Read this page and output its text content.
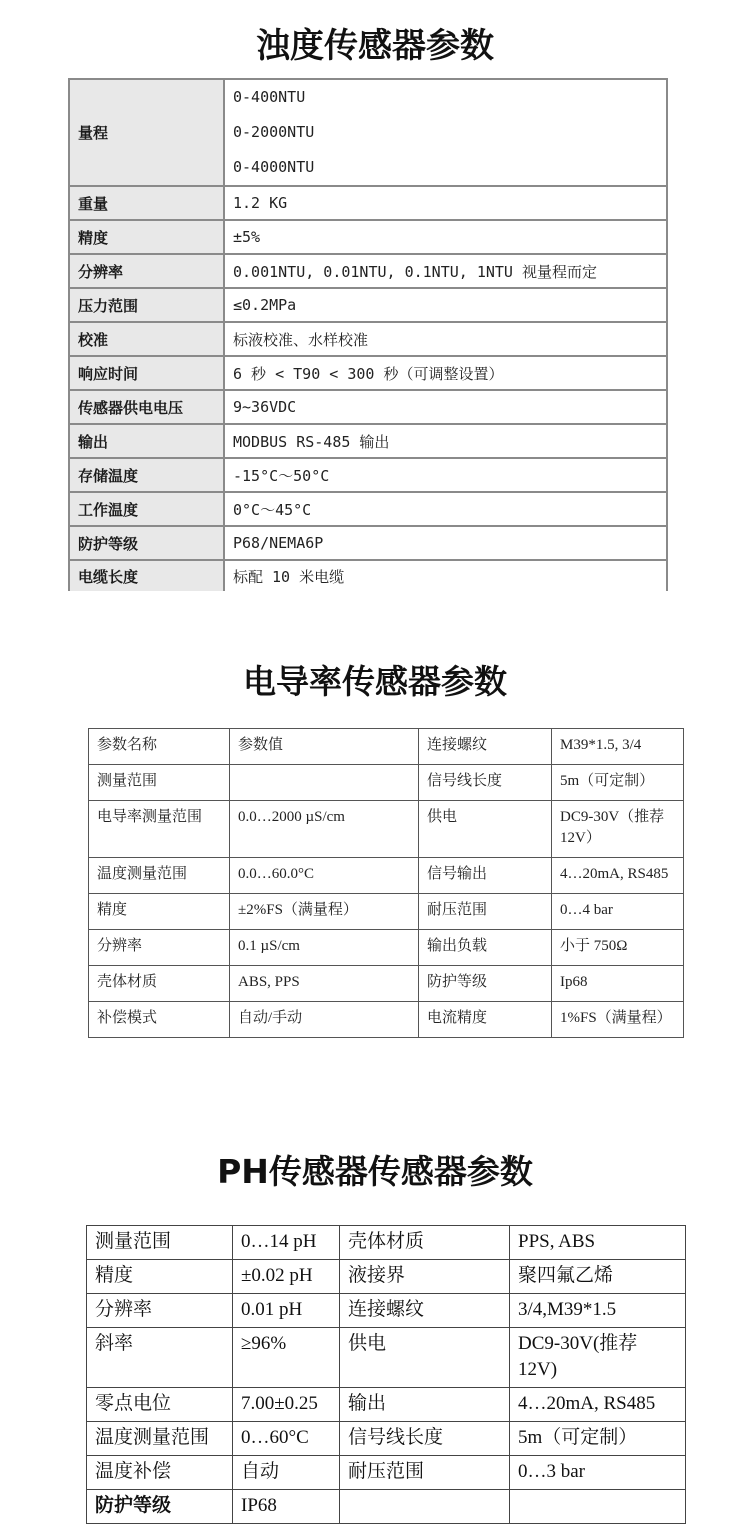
浊度传感器参数
量程	0-400NTU
0-2000NTU
0-4000NTU

重量	1.2 KG
精度	±5%
分辨率	0.001NTU, 0.01NTU, 0.1NTU, 1NTU 视量程而定
压力范围	≤0.2MPa
校准	标液校准、水样校准
响应时间	6 秒 < T90 < 300 秒（可调整设置）
传感器供电电压	9~36VDC
输出	MODBUS RS-485 输出
存储温度	-15°C～50°C
工作温度	0°C～45°C
防护等级	P68/NEMA6P
电缆长度	标配 10 米电缆
电导率传感器参数
参数名称	参数值	连接螺纹	M39*1.5, 3/4
测量范围		信号线长度	5m（可定制）
电导率测量范围	0.0…2000 µS/cm	供电	DC9-30V（推荐 12V）
温度测量范围	0.0…60.0°C	信号输出	4…20mA, RS485
精度	±2%FS（满量程）	耐压范围	0…4 bar
分辨率	0.1 µS/cm	输出负载	小于 750Ω
壳体材质	ABS, PPS	防护等级	Ip68
补偿模式	自动/手动	电流精度	1%FS（满量程）
PH传感器传感器参数
测量范围	0…14 pH	壳体材质	PPS, ABS
精度	±0.02 pH	液接界	聚四氟乙烯
分辨率	0.01 pH	连接螺纹	3/4,M39*1.5
斜率	≥96%	供电	DC9-30V(推荐 12V)
零点电位	7.00±0.25	输出	4…20mA, RS485
温度测量范围	0…60°C	信号线长度	5m（可定制）
温度补偿	自动	耐压范围	0…3 bar
防护等级	IP68		
